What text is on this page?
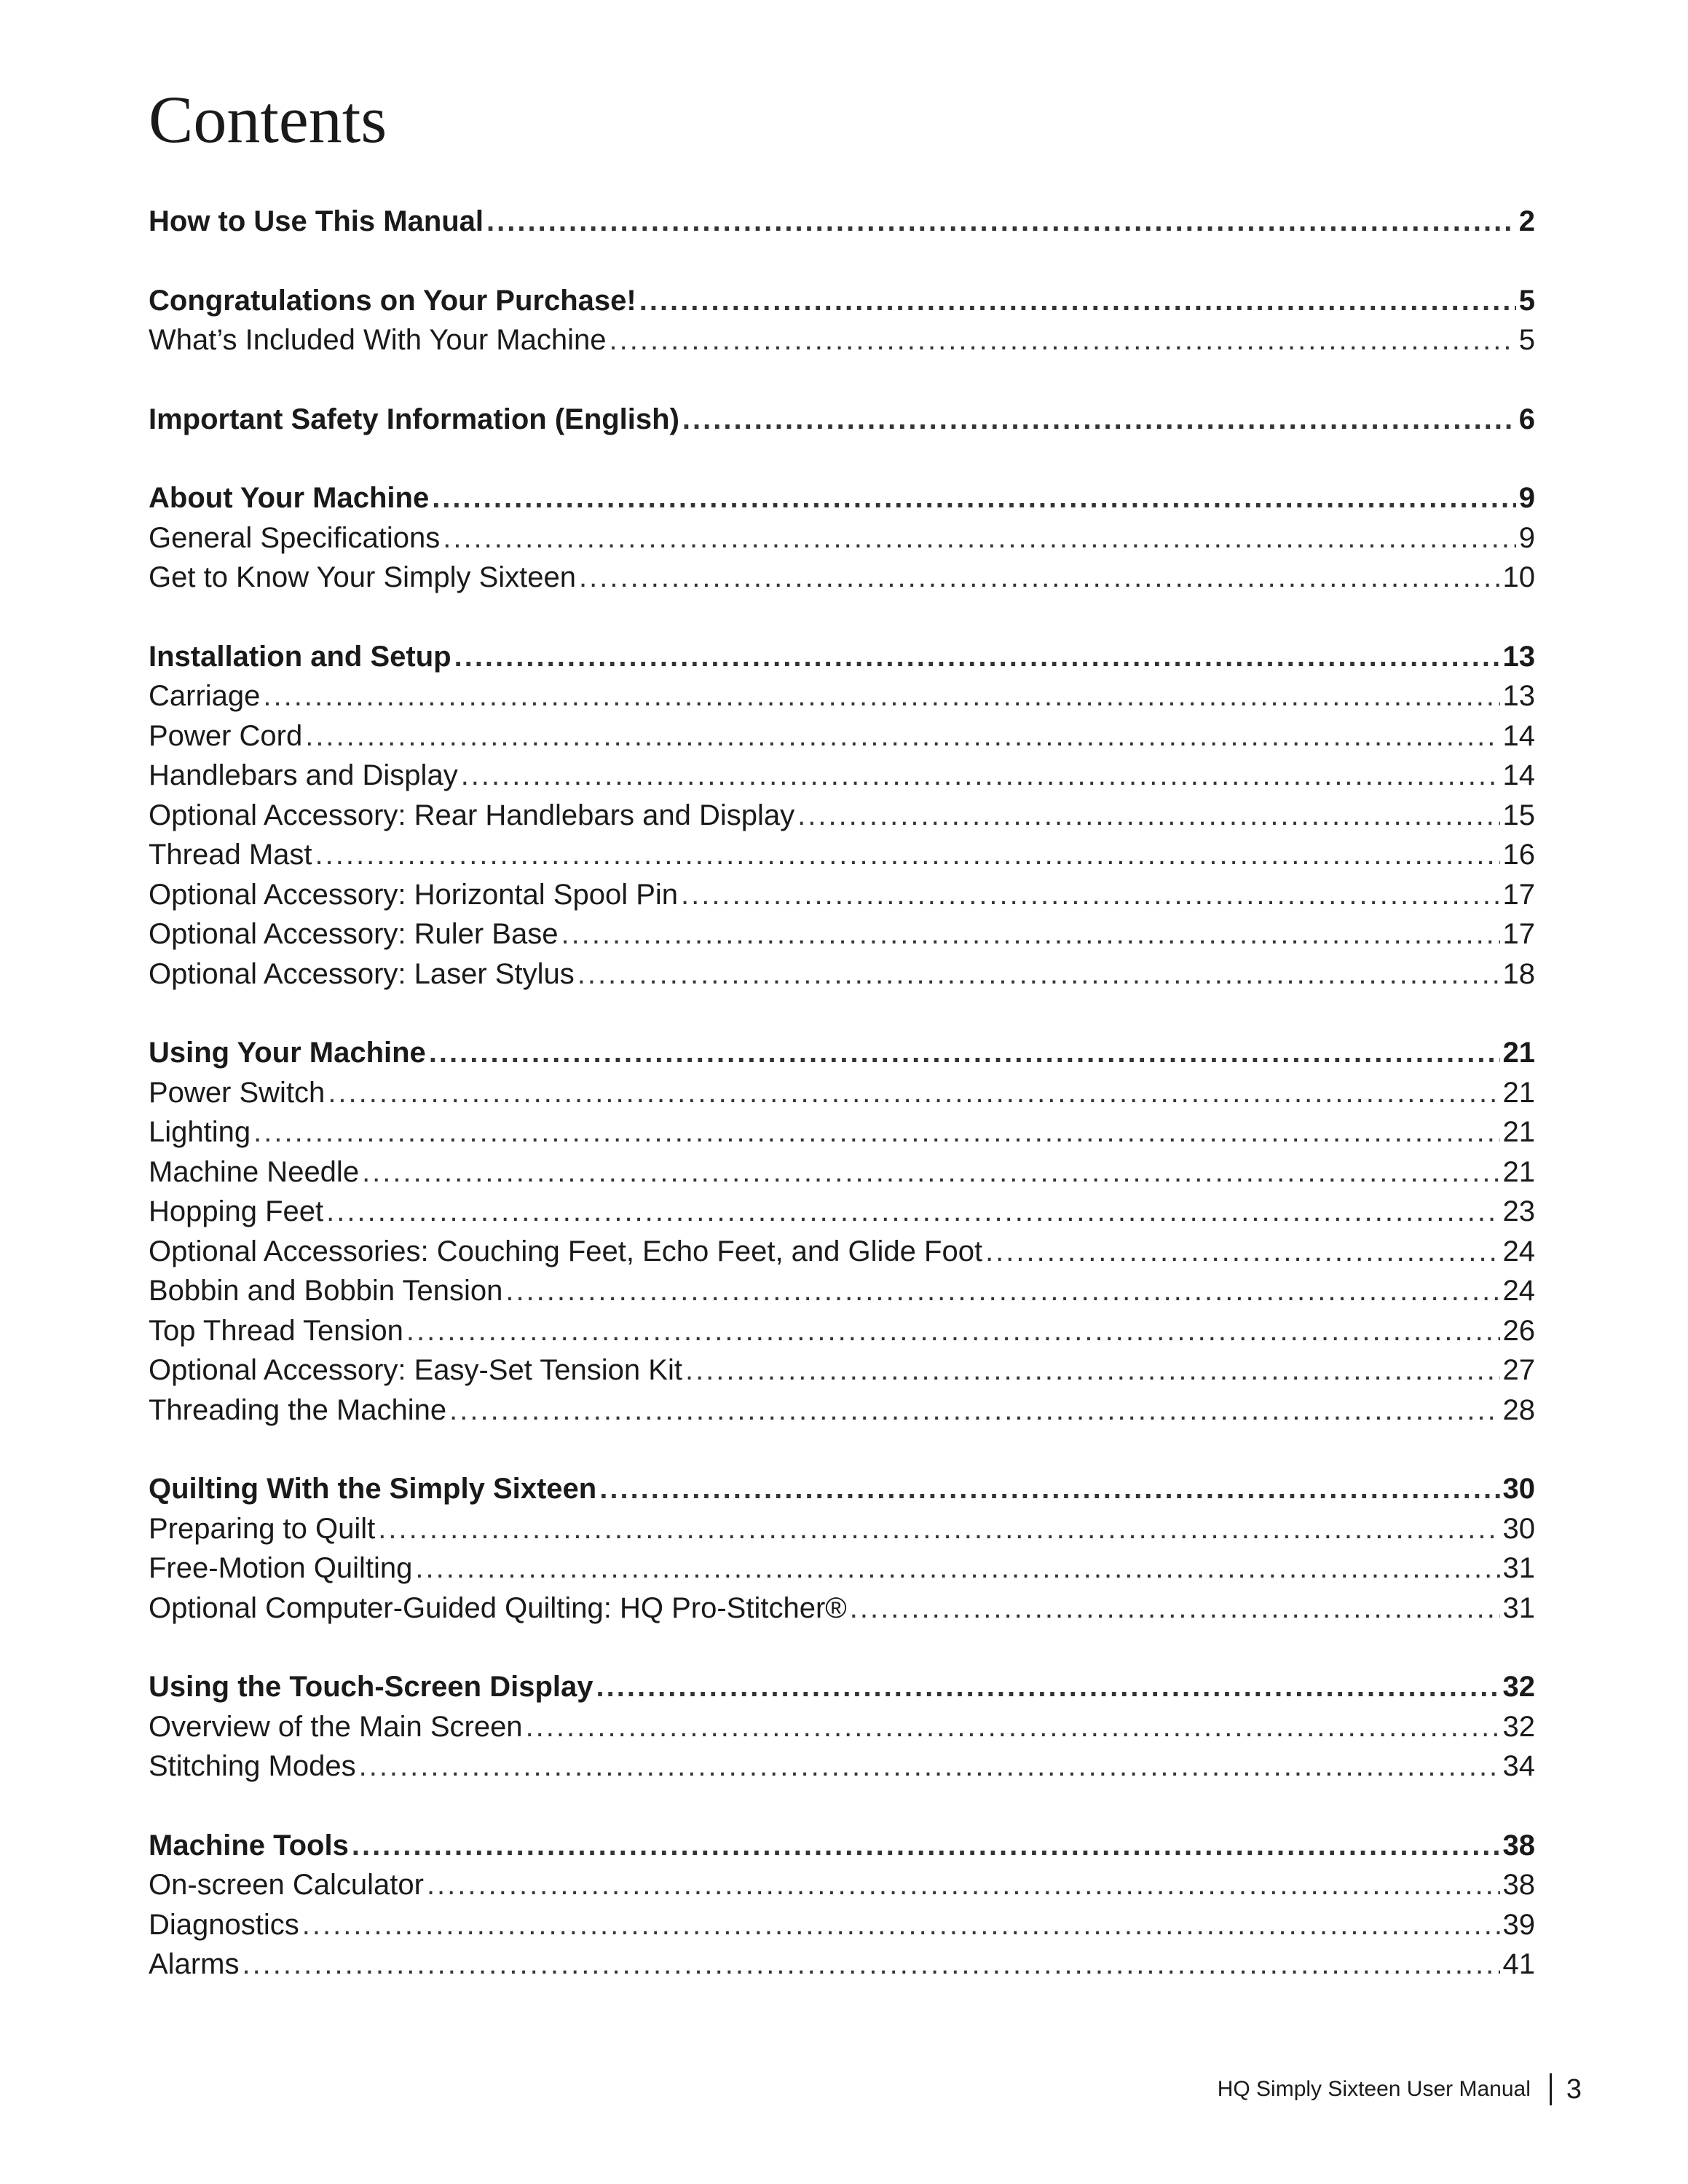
Contents
How to Use This Manual .....	2
Congratulations on Your Purchase! .....	5
What’s Included With Your Machine .....	5
Important Safety Information (English) .....	6
About Your Machine .....	9
General Specifications .....	9
Get to Know Your Simply Sixteen .....	10
Installation and Setup .....	13
Carriage .....	13
Power Cord .....	14
Handlebars and Display .....	14
Optional Accessory: Rear Handlebars and Display .....	15
Thread Mast .....	16
Optional Accessory: Horizontal Spool Pin .....	17
Optional Accessory: Ruler Base .....	17
Optional Accessory: Laser Stylus .....	18
Using Your Machine .....	21
Power Switch .....	21
Lighting .....	21
Machine Needle .....	21
Hopping Feet .....	23
Optional Accessories: Couching Feet, Echo Feet, and Glide Foot .....	24
Bobbin and Bobbin Tension .....	24
Top Thread Tension .....	26
Optional Accessory: Easy-Set Tension Kit .....	27
Threading the Machine .....	28
Quilting With the Simply Sixteen .....	30
Preparing to Quilt .....	30
Free-Motion Quilting .....	31
Optional Computer-Guided Quilting: HQ Pro-Stitcher® .....	31
Using the Touch-Screen Display .....	32
Overview of the Main Screen .....	32
Stitching Modes .....	34
Machine Tools .....	38
On-screen Calculator .....	38
Diagnostics .....	39
Alarms .....	41
HQ Simply Sixteen User Manual 3
